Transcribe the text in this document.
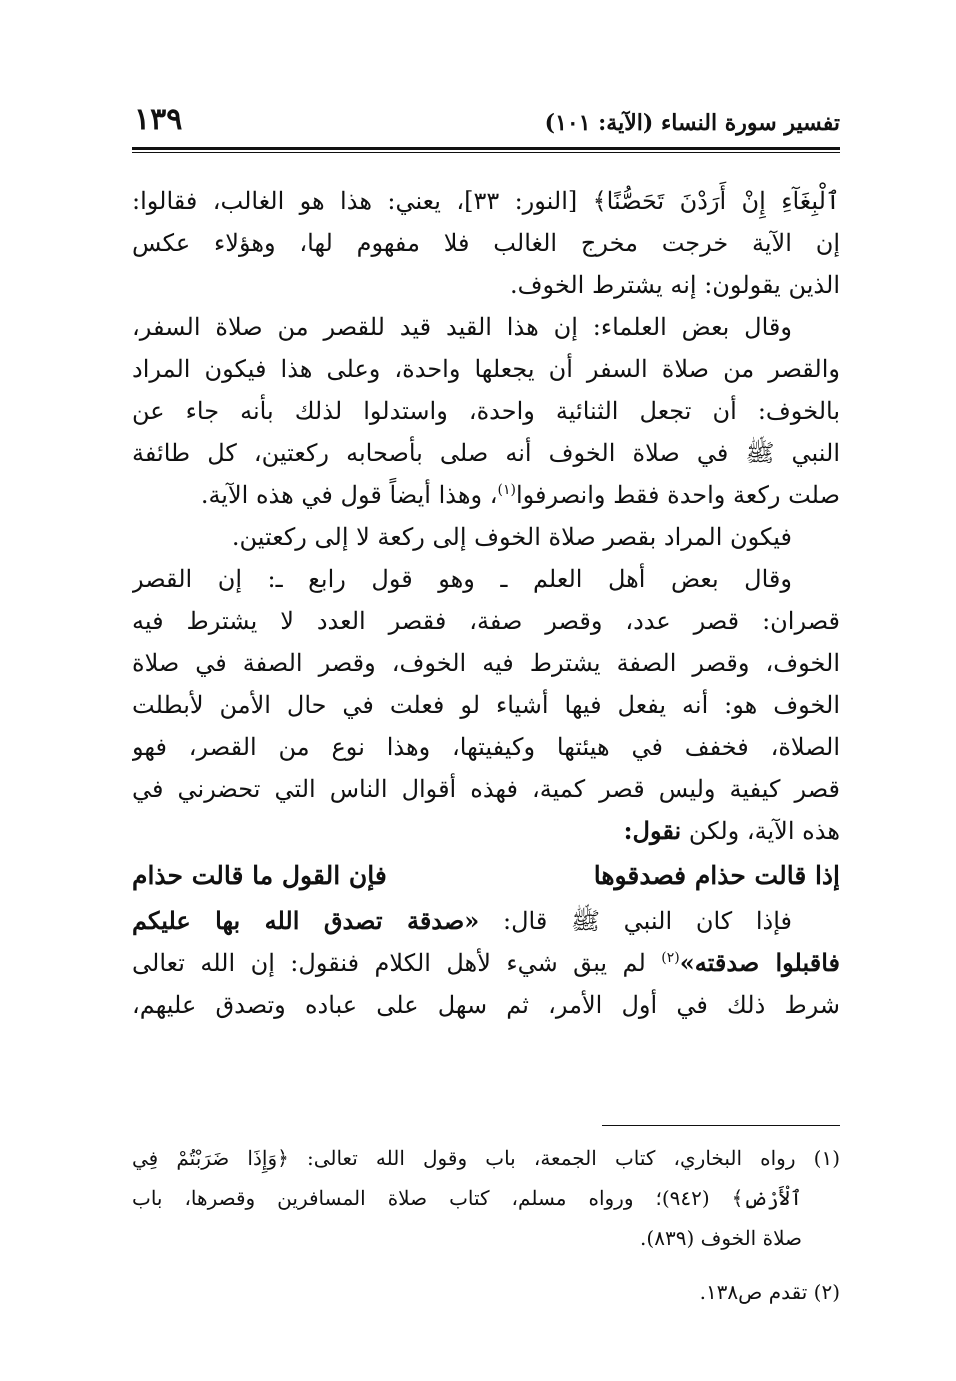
تفسير سورة النساء (الآية: ١٠١)
١٣٩
ٱلْبِغَآءِ إِنْ أَرَدْنَ تَحَصُّنًا﴾ [النور: ٣٣]، يعني: هذا هو الغالب، فقالوا:
إن الآية خرجت مخرج الغالب فلا مفهوم لها، وهؤلاء عكس
الذين يقولون: إنه يشترط الخوف.
وقال بعض العلماء: إن هذا القيد قيد للقصر من صلاة السفر،
والقصر من صلاة السفر أن يجعلها واحدة، وعلى هذا فيكون المراد
بالخوف: أن تجعل الثنائية واحدة، واستدلوا لذلك بأنه جاء عن
النبي ﷺ في صلاة الخوف أنه صلى بأصحابه ركعتين، كل طائفة
صلت ركعة واحدة فقط وانصرفوا$^{(١)}$، وهذا أيضاً قول في هذه الآية.
فيكون المراد بقصر صلاة الخوف إلى ركعة لا إلى ركعتين.
وقال بعض أهل العلم ـ وهو قول رابع ـ: إن القصر
قصران: قصر عدد، وقصر صفة، فقصر العدد لا يشترط فيه
الخوف، وقصر الصفة يشترط فيه الخوف، وقصر الصفة في صلاة
الخوف هو: أنه يفعل فيها أشياء لو فعلت في حال الأمن لأبطلت
الصلاة، فخفف في هيئتها وكيفيتها، وهذا نوع من القصر، فهو
قصر كيفية وليس قصر كمية، فهذه أقوال الناس التي تحضرني في
هذه الآية، ولكن نقول:
إذا قالت حذام فصدقوها
فإن القول ما قالت حذام
فإذا كان النبي ﷺ قال: «صدقة تصدق الله بها عليكم
فاقبلوا صدقته»$^{(٢)}$ لم يبق شيء لأهل الكلام فنقول: إن الله تعالى
شرط ذلك في أول الأمر، ثم سهل على عباده وتصدق عليهم،
(١) رواه البخاري، كتاب الجمعة، باب وقول الله تعالى: ﴿وَإِذَا ضَرَبْتُمْ فِي
ٱلْأَرْضِ﴾ (٩٤٢)؛ ورواه مسلم، كتاب صلاة المسافرين وقصرها، باب
صلاة الخوف (٨٣٩).
(٢) تقدم ص١٣٨.
